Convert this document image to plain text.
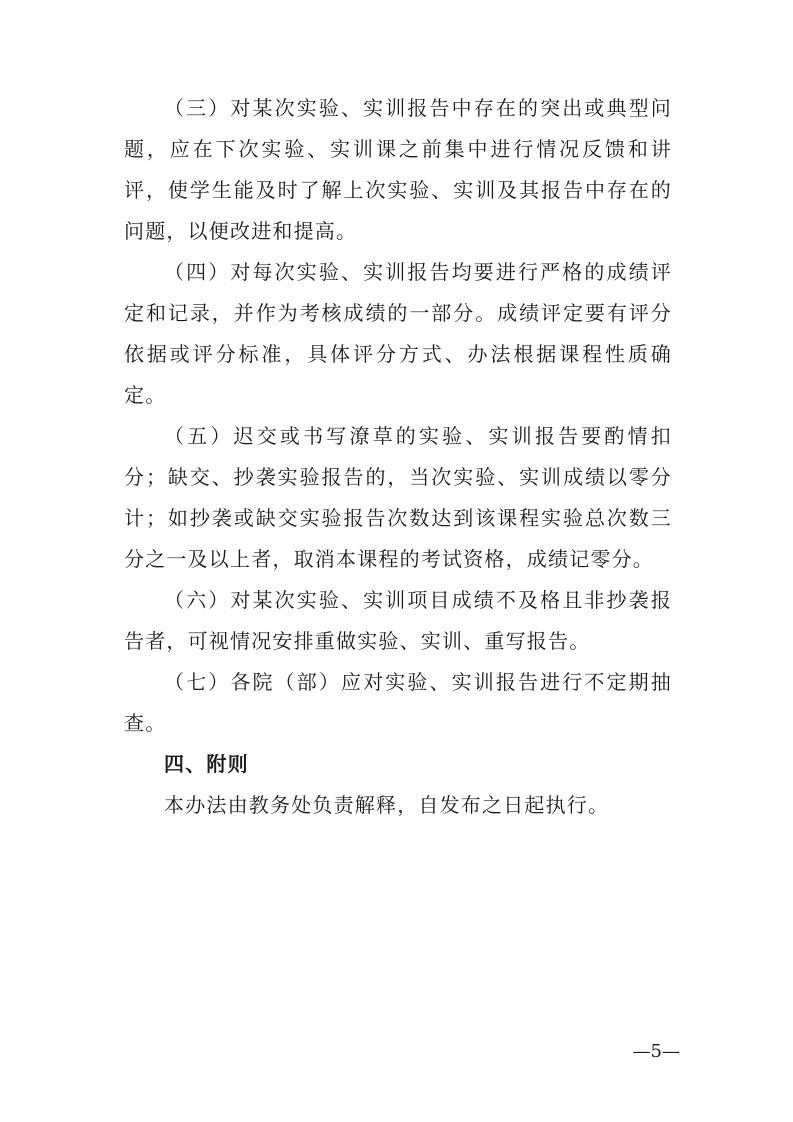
（三）对某次实验、实训报告中存在的突出或典型问题，应在下次实验、实训课之前集中进行情况反馈和讲评，使学生能及时了解上次实验、实训及其报告中存在的问题，以便改进和提高。

（四）对每次实验、实训报告均要进行严格的成绩评定和记录，并作为考核成绩的一部分。成绩评定要有评分依据或评分标准，具体评分方式、办法根据课程性质确定。

（五）迟交或书写潦草的实验、实训报告要酌情扣分；缺交、抄袭实验报告的，当次实验、实训成绩以零分计；如抄袭或缺交实验报告次数达到该课程实验总次数三分之一及以上者，取消本课程的考试资格，成绩记零分。

（六）对某次实验、实训项目成绩不及格且非抄袭报告者，可视情况安排重做实验、实训、重写报告。

（七）各院（部）应对实验、实训报告进行不定期抽查。

四、附则

本办法由教务处负责解释，自发布之日起执行。

—5—
